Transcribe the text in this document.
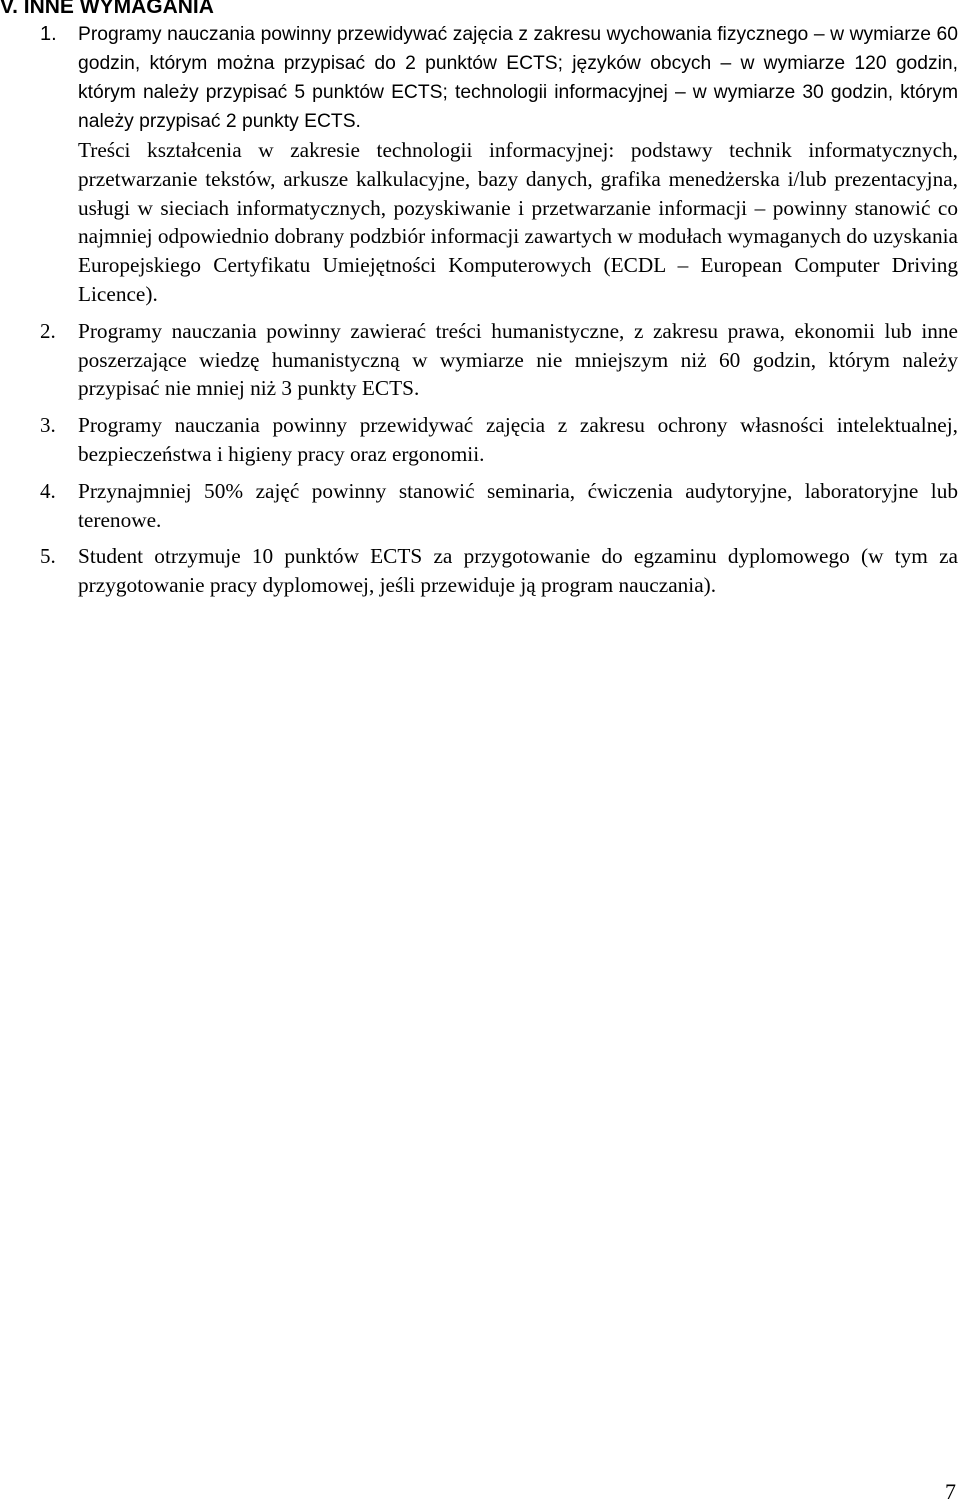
V. INNE WYMAGANIA
1. Programy nauczania powinny przewidywać zajęcia z zakresu wychowania fizycznego – w wymiarze 60 godzin, którym można przypisać do 2 punktów ECTS; języków obcych – w wymiarze 120 godzin, którym należy przypisać 5 punktów ECTS; technologii informacyjnej – w wymiarze 30 godzin, którym należy przypisać 2 punkty ECTS.

Treści kształcenia w zakresie technologii informacyjnej: podstawy technik informatycznych, przetwarzanie tekstów, arkusze kalkulacyjne, bazy danych, grafika menedżerska i/lub prezentacyjna, usługi w sieciach informatycznych, pozyskiwanie i przetwarzanie informacji – powinny stanowić co najmniej odpowiednio dobrany podzbiór informacji zawartych w modułach wymaganych do uzyskania Europejskiego Certyfikatu Umiejętności Komputerowych (ECDL – European Computer Driving Licence).

2. Programy nauczania powinny zawierać treści humanistyczne, z zakresu prawa, ekonomii lub inne poszerzające wiedzę humanistyczną w wymiarze nie mniejszym niż 60 godzin, którym należy przypisać nie mniej niż 3 punkty ECTS.

3. Programy nauczania powinny przewidywać zajęcia z zakresu ochrony własności intelektualnej, bezpieczeństwa i higieny pracy oraz ergonomii.

4. Przynajmniej 50% zajęć powinny stanowić seminaria, ćwiczenia audytoryjne, laboratoryjne lub terenowe.

5. Student otrzymuje 10 punktów ECTS za przygotowanie do egzaminu dyplomowego (w tym za przygotowanie pracy dyplomowej, jeśli przewiduje ją program nauczania).

7
